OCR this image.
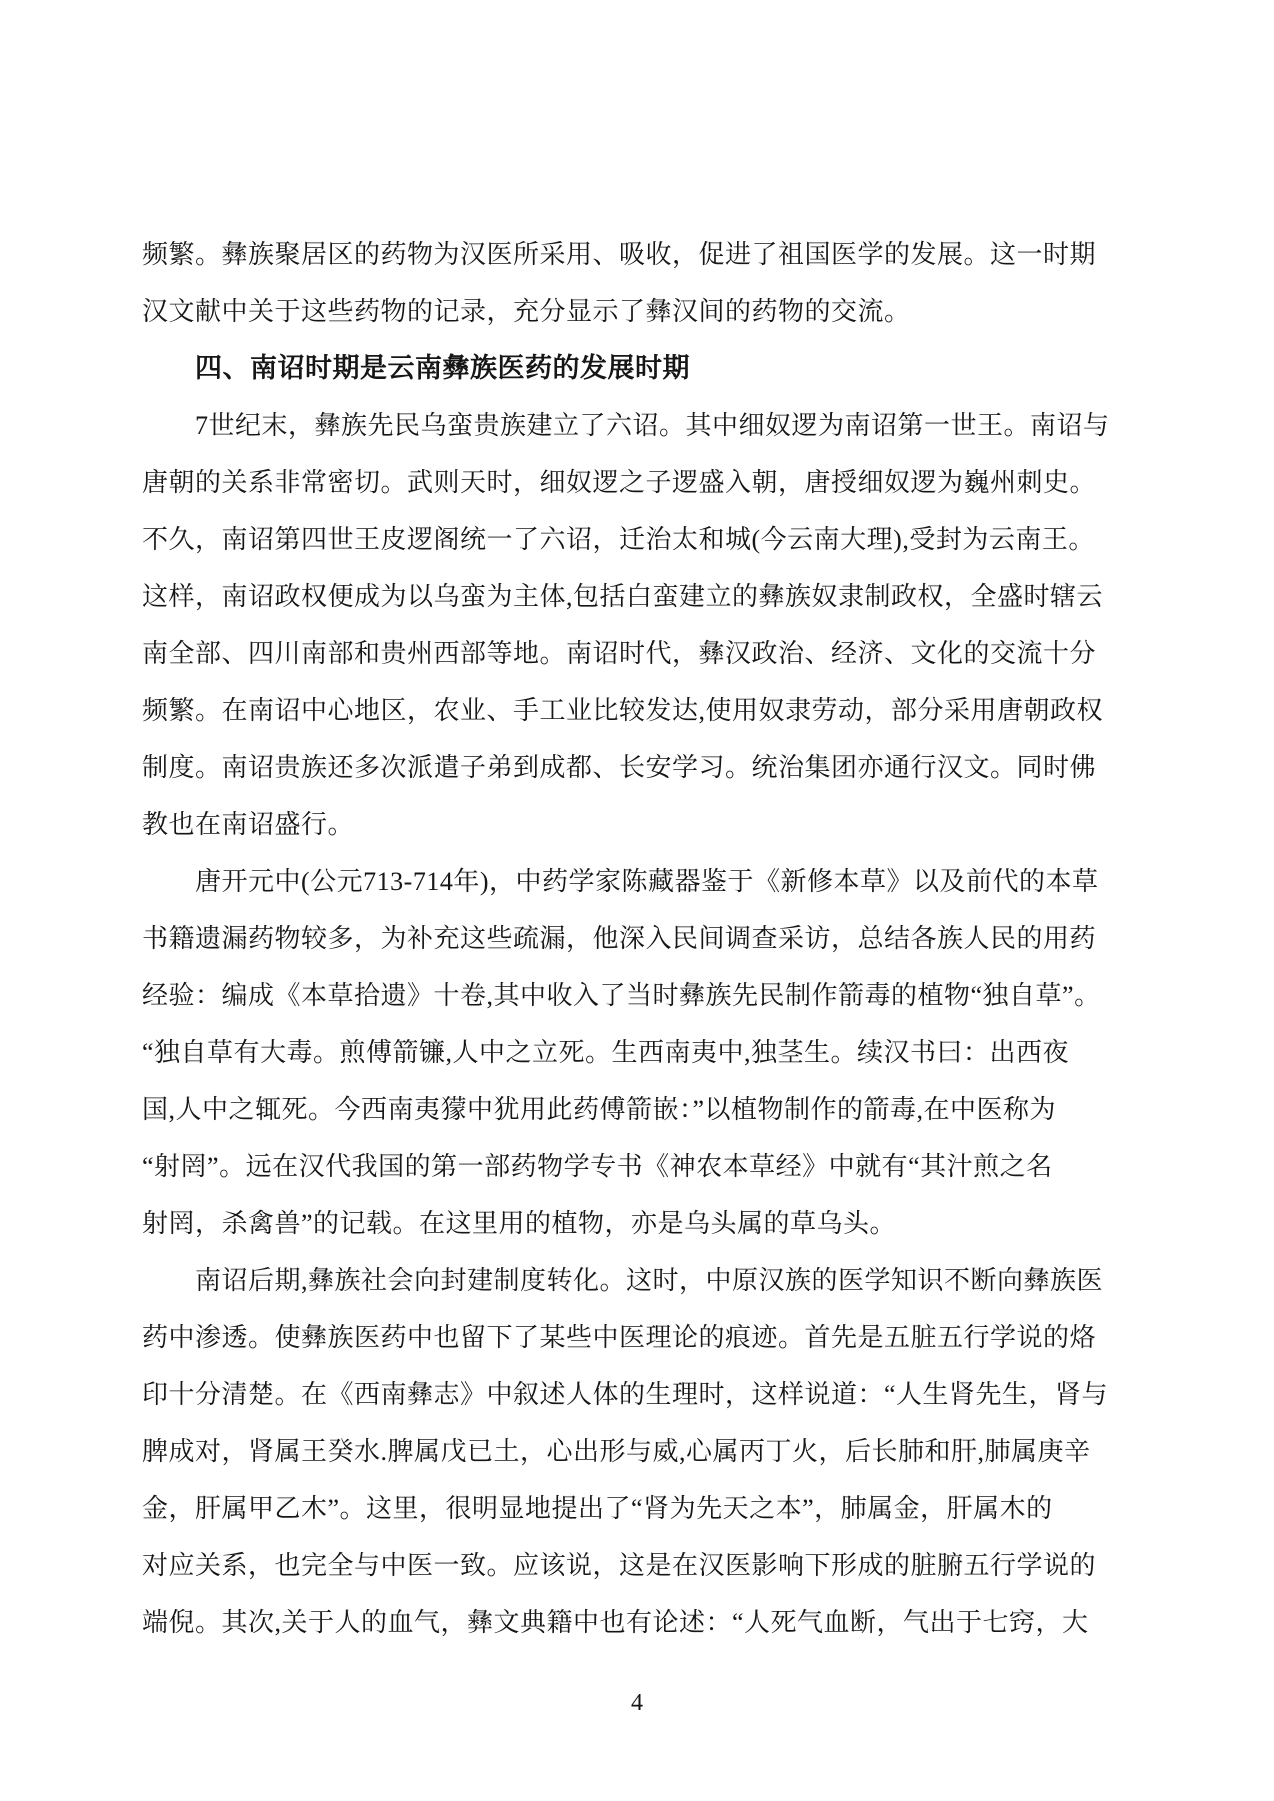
频繁。彝族聚居区的药物为汉医所采用、吸收，促进了祖国医学的发展。这一时期
汉文献中关于这些药物的记录，充分显示了彝汉间的药物的交流。
四、南诏时期是云南彝族医药的发展时期
7世纪末，彝族先民乌蛮贵族建立了六诏。其中细奴逻为南诏第一世王。南诏与
唐朝的关系非常密切。武则天时，细奴逻之子逻盛入朝，唐授细奴逻为巍州刺史。
不久，南诏第四世王皮逻阁统一了六诏，迁治太和城(今云南大理),受封为云南王。
这样，南诏政权便成为以乌蛮为主体,包括白蛮建立的彝族奴隶制政权，全盛时辖云
南全部、四川南部和贵州西部等地。南诏时代，彝汉政治、经济、文化的交流十分
频繁。在南诏中心地区，农业、手工业比较发达,使用奴隶劳动，部分采用唐朝政权
制度。南诏贵族还多次派遣子弟到成都、长安学习。统治集团亦通行汉文。同时佛
教也在南诏盛行。
唐开元中(公元713-714年)，中药学家陈藏器鉴于《新修本草》以及前代的本草
书籍遗漏药物较多，为补充这些疏漏，他深入民间调查采访，总结各族人民的用药
经验：编成《本草拾遗》十卷,其中收入了当时彝族先民制作箭毒的植物“独自草”。
“独自草有大毒。煎傅箭镰,人中之立死。生西南夷中,独茎生。续汉书曰：出西夜
国,人中之辄死。今西南夷獴中犹用此药傅箭嵌：”以植物制作的箭毒,在中医称为
“射罔”。远在汉代我国的第一部药物学专书《神农本草经》中就有“其汁煎之名
射罔，杀禽兽”的记载。在这里用的植物，亦是乌头属的草乌头。
南诏后期,彝族社会向封建制度转化。这时，中原汉族的医学知识不断向彝族医
药中渗透。使彝族医药中也留下了某些中医理论的痕迹。首先是五脏五行学说的烙
印十分清楚。在《西南彝志》中叙述人体的生理时，这样说道：“人生肾先生，肾与
脾成对，肾属王癸水.脾属戊已土，心出形与威,心属丙丁火，后长肺和肝,肺属庚辛
金，肝属甲乙木”。这里，很明显地提出了“肾为先天之本”，肺属金，肝属木的
对应关系，也完全与中医一致。应该说，这是在汉医影响下形成的脏腑五行学说的
端倪。其次,关于人的血气，彝文典籍中也有论述：“人死气血断，气出于七窍，大
4
